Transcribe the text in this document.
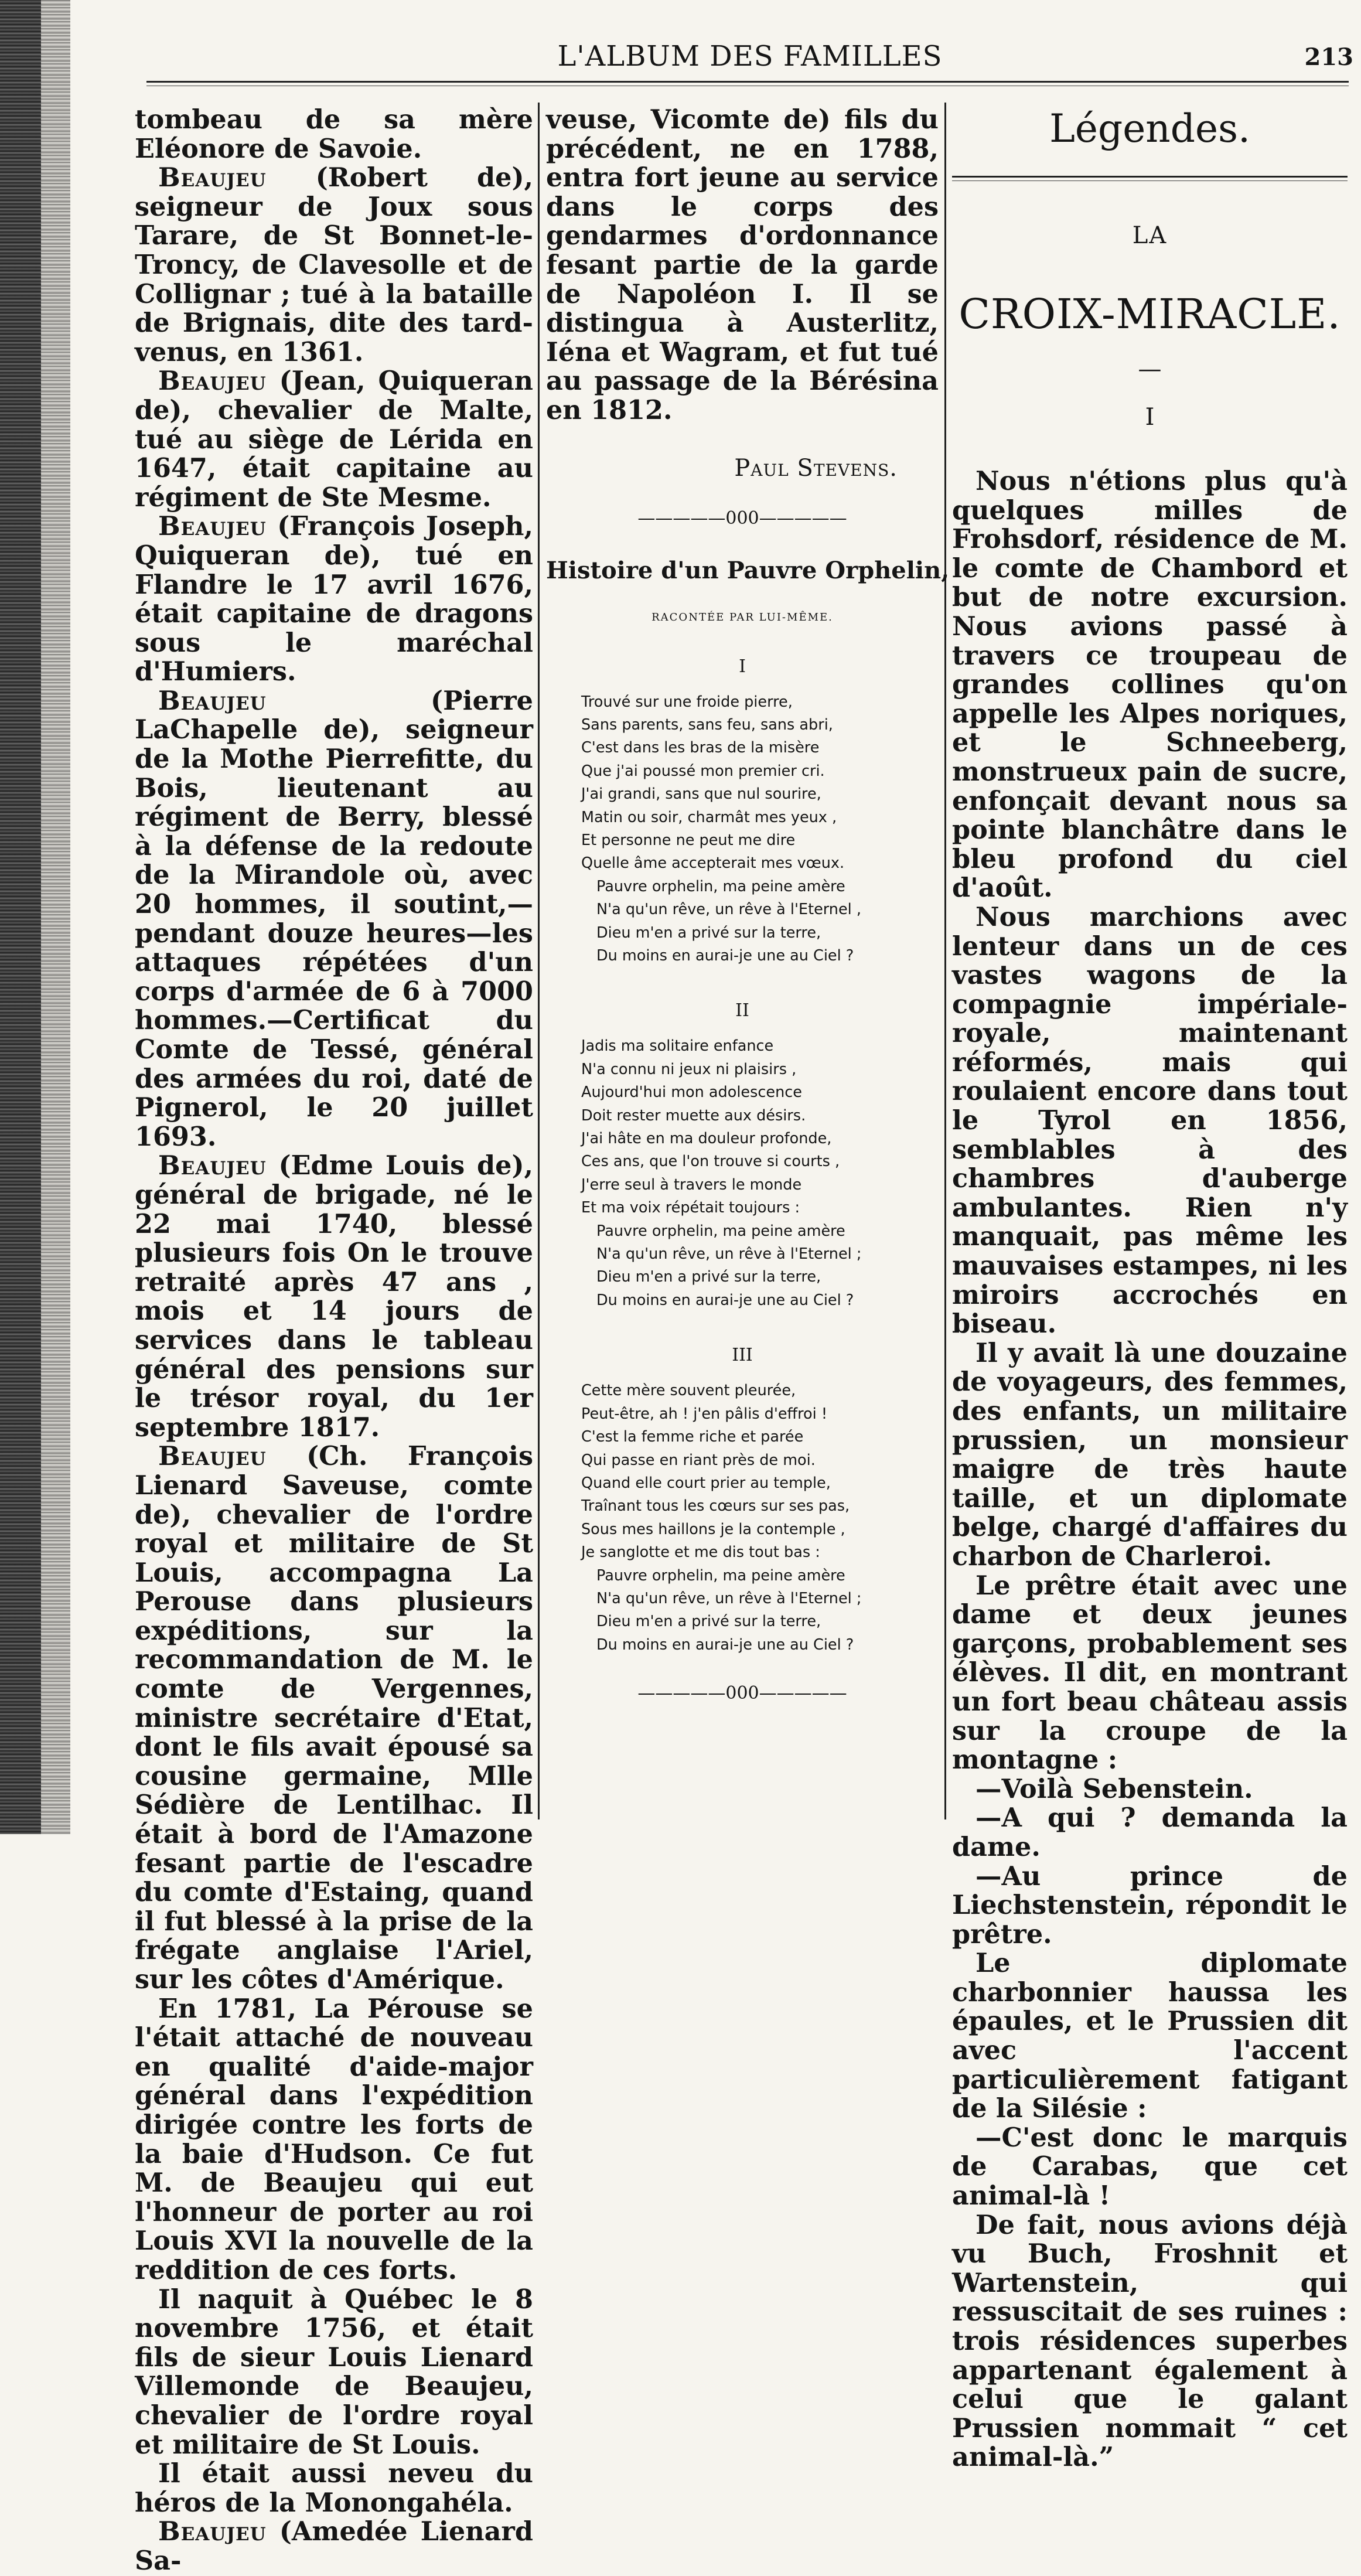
L'ALBUM DES FAMILLES	213

tombeau de sa mère Eléonore de Savoie.

Beaujeu (Robert de), seigneur de Joux sous Tarare, de St Bonnet-le-Troncy, de Clavesolle et de Collignar ; tué à la bataille de Brignais, dite des tard-venus, en 1361.

Beaujeu (Jean, Quiqueran de), chevalier de Malte, tué au siège de Lérida en 1647, était capitaine au régiment de Ste Mesme.

Beaujeu (François Joseph, Quiqueran de), tué en Flandre le 17 avril 1676, était capitaine de dragons sous le maréchal d'Humiers.

Beaujeu (Pierre LaChapelle de), seigneur de la Mothe Pierrefitte, du Bois, lieutenant au régiment de Berry, blessé à la défense de la redoute de la Mirandole où, avec 20 hommes, il soutint,—pendant douze heures—les attaques répétées d'un corps d'armée de 6 à 7000 hommes.—Certificat du Comte de Tessé, général des armées du roi, daté de Pignerol, le 20 juillet 1693.

Beaujeu (Edme Louis de), général de brigade, né le 22 mai 1740, blessé plusieurs fois On le trouve retraité après 47 ans , mois et 14 jours de services dans le tableau général des pensions sur le trésor royal, du 1er septembre 1817.

Beaujeu (Ch. François Lienard Saveuse, comte de), chevalier de l'ordre royal et militaire de St Louis, accompagna La Perouse dans plusieurs expéditions, sur la recommandation de M. le comte de Vergennes, ministre secrétaire d'Etat, dont le fils avait épousé sa cousine germaine, Mlle Sédière de Lentilhac. Il était à bord de l'Amazone fesant partie de l'escadre du comte d'Estaing, quand il fut blessé à la prise de la frégate anglaise l'Ariel, sur les côtes d'Amérique.

En 1781, La Pérouse se l'était attaché de nouveau en qualité d'aide-major général dans l'expédition dirigée contre les forts de la baie d'Hudson. Ce fut M. de Beaujeu qui eut l'honneur de porter au roi Louis XVI la nouvelle de la reddition de ces forts.

Il naquit à Québec le 8 novembre 1756, et était fils de sieur Louis Lienard Villemonde de Beaujeu, chevalier de l'ordre royal et militaire de St Louis.

Il était aussi neveu du héros de la Monongahéla.

Beaujeu (Amedée Lienard Sa-

veuse, Vicomte de) fils du précédent, ne en 1788, entra fort jeune au service dans le corps des gendarmes d'ordonnance fesant partie de la garde de Napoléon I. Il se distingua à Austerlitz, Iéna et Wagram, et fut tué au passage de la Bérésina en 1812.

Paul Stevens.
—————000—————
Histoire d'un Pauvre Orphelin,
RACONTÉE PAR LUI-MÊME.
I
Trouvé sur une froide pierre,
Sans parents, sans feu, sans abri,
C'est dans les bras de la misère
Que j'ai poussé mon premier cri.
J'ai grandi, sans que nul sourire,
Matin ou soir, charmât mes yeux ,
Et personne ne peut me dire
Quelle âme accepterait mes vœux.
Pauvre orphelin, ma peine amère
N'a qu'un rêve, un rêve à l'Eternel ,
Dieu m'en a privé sur la terre,
Du moins en aurai-je une au Ciel ?
II
Jadis ma solitaire enfance
N'a connu ni jeux ni plaisirs ,
Aujourd'hui mon adolescence
Doit rester muette aux désirs.
J'ai hâte en ma douleur profonde,
Ces ans, que l'on trouve si courts ,
J'erre seul à travers le monde
Et ma voix répétait toujours :
Pauvre orphelin, ma peine amère
N'a qu'un rêve, un rêve à l'Eternel ;
Dieu m'en a privé sur la terre,
Du moins en aurai-je une au Ciel ?
III
Cette mère souvent pleurée,
Peut-être, ah ! j'en pâlis d'effroi !
C'est la femme riche et parée
Qui passe en riant près de moi.
Quand elle court prier au temple,
Traînant tous les cœurs sur ses pas,
Sous mes haillons je la contemple ,
Je sanglotte et me dis tout bas :
Pauvre orphelin, ma peine amère
N'a qu'un rêve, un rêve à l'Eternel ;
Dieu m'en a privé sur la terre,
Du moins en aurai-je une au Ciel ?
—————000—————
Légendes.
LA
CROIX-MIRACLE.
—
I

Nous n'étions plus qu'à quelques milles de Frohsdorf, résidence de M. le comte de Chambord et but de notre excursion. Nous avions passé à travers ce troupeau de grandes collines qu'on appelle les Alpes noriques, et le Schneeberg, monstrueux pain de sucre, enfonçait devant nous sa pointe blanchâtre dans le bleu profond du ciel d'août.

Nous marchions avec lenteur dans un de ces vastes wagons de la compagnie impériale-royale, maintenant réformés, mais qui roulaient encore dans tout le Tyrol en 1856, semblables à des chambres d'auberge ambulantes. Rien n'y manquait, pas même les mauvaises estampes, ni les miroirs accrochés en biseau.

Il y avait là une douzaine de voyageurs, des femmes, des enfants, un militaire prussien, un monsieur maigre de très haute taille, et un diplomate belge, chargé d'affaires du charbon de Charleroi.

Le prêtre était avec une dame et deux jeunes garçons, probablement ses élèves. Il dit, en montrant un fort beau château assis sur la croupe de la montagne :

—Voilà Sebenstein.

—A qui ? demanda la dame.

—Au prince de Liechstenstein, répondit le prêtre.

Le diplomate charbonnier haussa les épaules, et le Prussien dit avec l'accent particulièrement fatigant de la Silésie :

—C'est donc le marquis de Carabas, que cet animal-là !

De fait, nous avions déjà vu Buch, Froshnit et Wartenstein, qui ressuscitait de ses ruines : trois résidences superbes appartenant également à celui que le galant Prussien nommait “ cet animal-là.”
